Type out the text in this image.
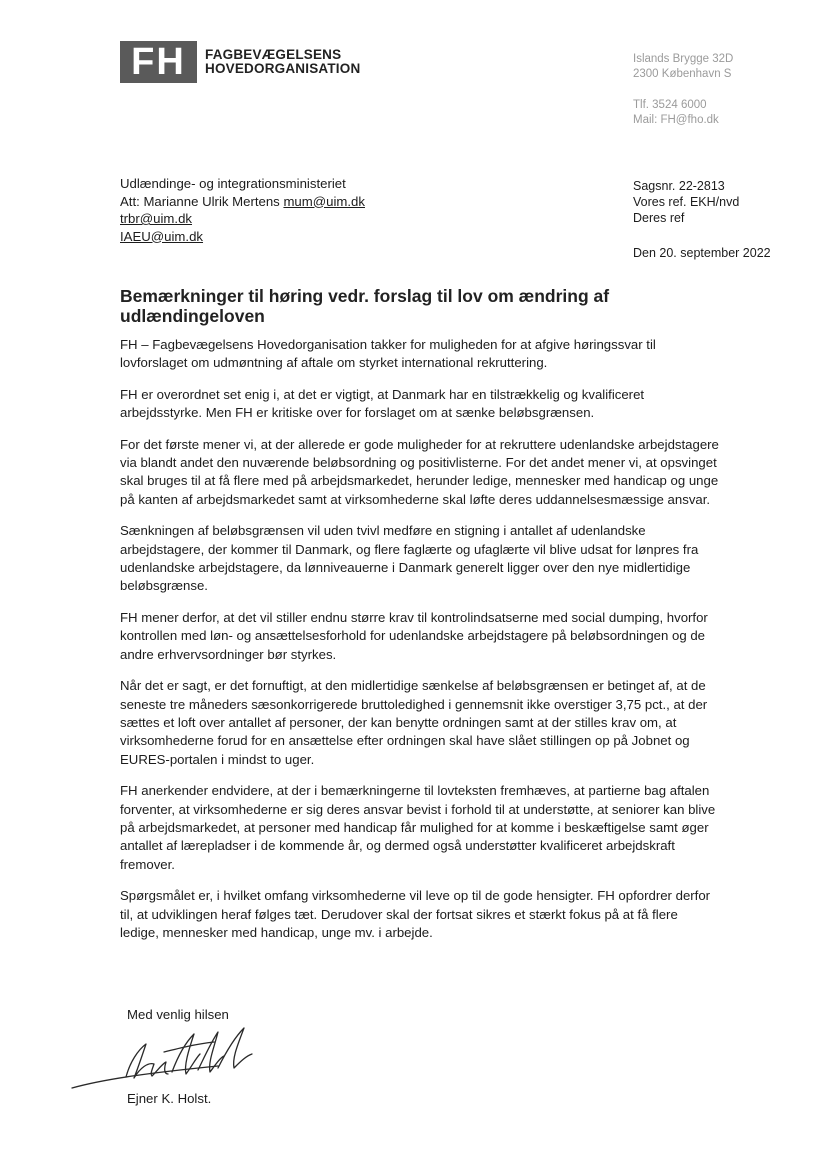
FH	FAGBEVÆGELSENS
HOVEDORGANISATION
Islands Brygge 32D
2300 København S
Tlf. 3524 6000
Mail: FH@fho.dk
Udlændinge- og integrationsministeriet
Att: Marianne Ulrik Mertens mum@uim.dk
trbr@uim.dk
IAEU@uim.dk
Sagsnr. 22-2813
Vores ref. EKH/nvd
Deres ref
Den 20. september 2022
Bemærkninger til høring vedr. forslag til lov om ændring af udlændingeloven

FH – Fagbevægelsens Hovedorganisation takker for muligheden for at afgive høringssvar til lovforslaget om udmøntning af aftale om styrket international rekruttering.

FH er overordnet set enig i, at det er vigtigt, at Danmark har en tilstrækkelig og kvalificeret arbejdsstyrke. Men FH er kritiske over for forslaget om at sænke beløbsgrænsen.

For det første mener vi, at der allerede er gode muligheder for at rekruttere udenlandske arbejdstagere via blandt andet den nuværende beløbsordning og positivlisterne. For det andet mener vi, at opsvinget skal bruges til at få flere med på arbejdsmarkedet, herunder ledige, mennesker med handicap og unge på kanten af arbejdsmarkedet samt at virksomhederne skal løfte deres uddannelsesmæssige ansvar.

Sænkningen af beløbsgrænsen vil uden tvivl medføre en stigning i antallet af udenlandske arbejdstagere, der kommer til Danmark, og flere faglærte og ufaglærte vil blive udsat for lønpres fra udenlandske arbejdstagere, da lønniveauerne i Danmark generelt ligger over den nye midlertidige beløbsgrænse.

FH mener derfor, at det vil stiller endnu større krav til kontrolindsatserne med social dumping, hvorfor kontrollen med løn- og ansættelsesforhold for udenlandske arbejdstagere på beløbsordningen og de andre erhvervsordninger bør styrkes.

Når det er sagt, er det fornuftigt, at den midlertidige sænkelse af beløbsgrænsen er betinget af, at de seneste tre måneders sæsonkorrigerede bruttoledighed i gennemsnit ikke overstiger 3,75 pct., at der sættes et loft over antallet af personer, der kan benytte ordningen samt at der stilles krav om, at virksomhederne forud for en ansættelse efter ordningen skal have slået stillingen op på Jobnet og EURES-portalen i mindst to uger.

FH anerkender endvidere, at der i bemærkningerne til lovteksten fremhæves, at partierne bag aftalen forventer, at virksomhederne er sig deres ansvar bevist i forhold til at understøtte, at seniorer kan blive på arbejdsmarkedet, at personer med handicap får mulighed for at komme i beskæftigelse samt øger antallet af lærepladser i de kommende år, og dermed også understøtter kvalificeret arbejdskraft fremover.

Spørgsmålet er, i hvilket omfang virksomhederne vil leve op til de gode hensigter. FH opfordrer derfor til, at udviklingen heraf følges tæt. Derudover skal der fortsat sikres et stærkt fokus på at få flere ledige, mennesker med handicap, unge mv. i arbejde.

Med venlig hilsen
Ejner K. Holst.
